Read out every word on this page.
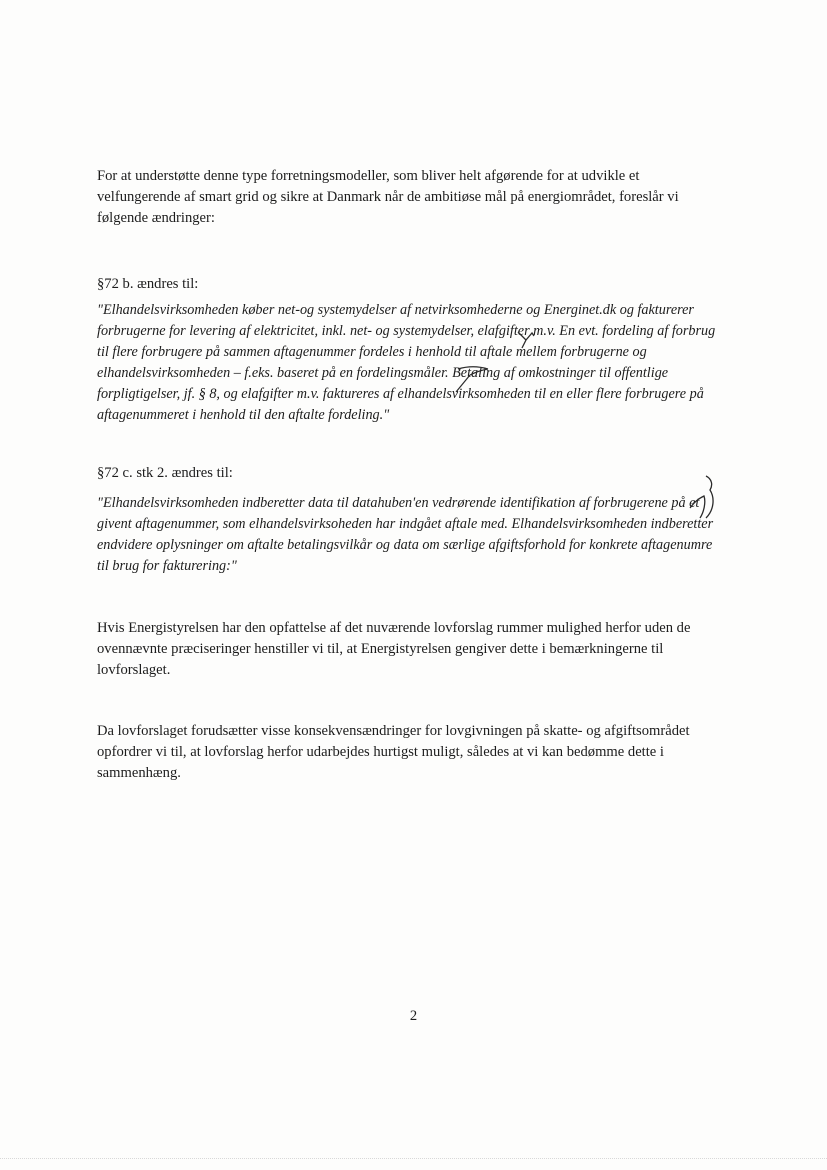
For at understøtte denne type forretningsmodeller, som bliver helt afgørende for at udvikle et
velfungerende af smart grid og sikre at Danmark når de ambitiøse mål på energiområdet, foreslår vi
følgende ændringer:
§72 b. ændres til:
"Elhandelsvirksomheden køber net-og systemydelser af netvirksomhederne og Energinet.dk og fakturerer
forbrugerne for levering af elektricitet, inkl. net- og systemydelser, elafgifter m.v. En evt. fordeling af forbrug
til flere forbrugere på sammen aftagenummer fordeles i henhold til aftale mellem forbrugerne og
elhandelsvirksomheden – f.eks. baseret på en fordelingsmåler. Betaling af omkostninger til offentlige
forpligtigelser, jf. § 8, og elafgifter m.v. faktureres af elhandelsvirksomheden til en eller flere forbrugere på
aftagenummeret i henhold til den aftalte fordeling."
§72 c. stk 2. ændres til:
"Elhandelsvirksomheden indberetter data til datahuben'en vedrørende identifikation af forbrugerene på et
givent aftagenummer, som elhandelsvirksoheden har indgået aftale med. Elhandelsvirksomheden indberetter
endvidere oplysninger om aftalte betalingsvilkår og data om særlige afgiftsforhold for konkrete aftagenumre
til brug for fakturering:"
Hvis Energistyrelsen har den opfattelse af det nuværende lovforslag rummer mulighed herfor uden de
ovennævnte præciseringer henstiller vi til, at Energistyrelsen gengiver dette i bemærkningerne til
lovforslaget.
Da lovforslaget forudsætter visse konsekvensændringer for lovgivningen på skatte- og afgiftsområdet
opfordrer vi til, at lovforslag herfor udarbejdes hurtigst muligt, således at vi kan bedømme dette i
sammenhæng.
2
